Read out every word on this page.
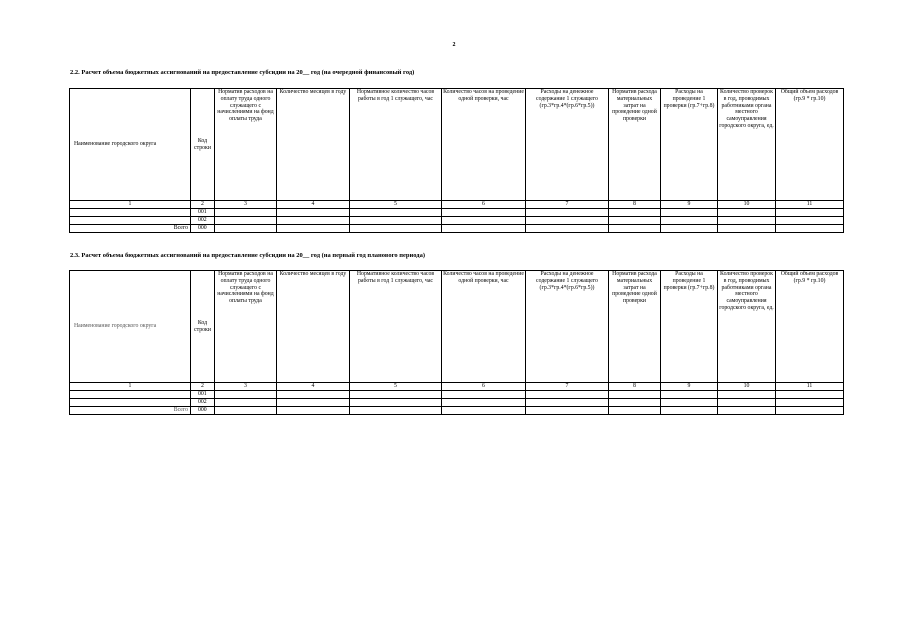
2
2.2. Расчет объема бюджетных ассигнований на предоставление субсидии на 20__ год (на очередной финансовый год)
Наименование городского округа	Код строки	Норматив расходов на оплату труда одного служащего с начислениями на фонд оплаты труда	Количество месяцев в году	Нормативное количество часов работы в год 1 служащего, час	Количество часов на проведение одной проверки, час	Расходы на денежное содержание 1 служащего (гр.3*гр.4*(гр.6*гр.5))	Норматив расхода материальных затрат на проведение одной проверки	Расходы на проведение 1 проверки (гр.7+гр.8)	Количество проверок в год, проводимых работниками органа местного самоуправления городского округа, ед.	Общий объем расходов (гр.9 * гр.10)
1	2	3	4	5	6	7	8	9	10	11
	001									
	002									
Всего	000									
2.3. Расчет объема бюджетных ассигнований на предоставление субсидии на 20__ год (на первый год планового периода)
Наименование городского округа	Код строки	Норматив расходов на оплату труда одного служащего с начислениями на фонд оплаты труда	Количество месяцев в году	Нормативное количество часов работы в год 1 служащего, час	Количество часов на проведение одной проверки, час	Расходы на денежное содержание 1 служащего (гр.3*гр.4*(гр.6*гр.5))	Норматив расхода материальных затрат на проведение одной проверки	Расходы на проведение 1 проверки (гр.7+гр.8)	Количество проверок в год, проводимых работниками органа местного самоуправления городского округа, ед.	Общий объем расходов (гр.9 * гр.10)
1	2	3	4	5	6	7	8	9	10	11
	001									
	002									
Всего	000									
